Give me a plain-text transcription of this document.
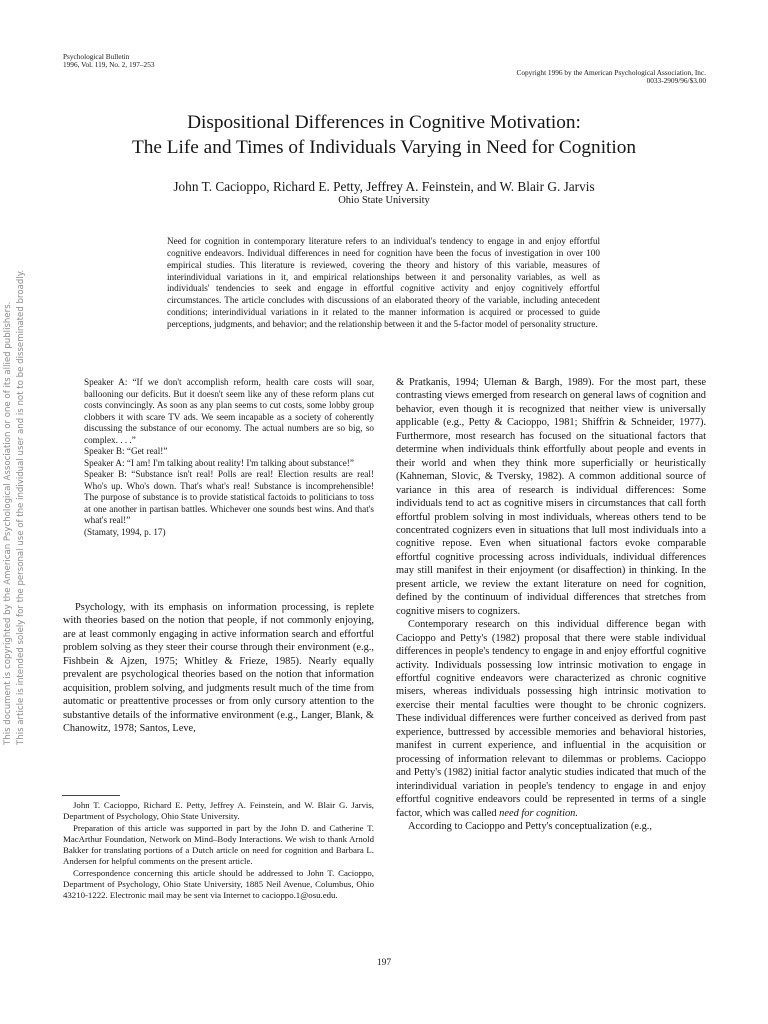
This document is copyrighted by the American Psychological Association or one of its allied publishers. This article is intended solely for the personal use of the individual user and is not to be disseminated broadly.
Psychological Bulletin
1996, Vol. 119, No. 2, 197–253
Copyright 1996 by the American Psychological Association, Inc.
0033-2909/96/$3.00
Dispositional Differences in Cognitive Motivation:
The Life and Times of Individuals Varying in Need for Cognition
John T. Cacioppo, Richard E. Petty, Jeffrey A. Feinstein, and W. Blair G. Jarvis
Ohio State University
Need for cognition in contemporary literature refers to an individual's tendency to engage in and enjoy effortful cognitive endeavors. Individual differences in need for cognition have been the focus of investigation in over 100 empirical studies. This literature is reviewed, covering the theory and history of this variable, measures of interindividual variations in it, and empirical relationships between it and personality variables, as well as individuals' tendencies to seek and engage in effortful cognitive activity and enjoy cognitively effortful circumstances. The article concludes with discussions of an elaborated theory of the variable, including antecedent conditions; interindividual variations in it related to the manner information is acquired or processed to guide perceptions, judgments, and behavior; and the relationship between it and the 5-factor model of personality structure.

Speaker A: “If we don't accomplish reform, health care costs will soar, ballooning our deficits. But it doesn't seem like any of these reform plans cut costs convincingly. As soon as any plan seems to cut costs, some lobby group clobbers it with scare TV ads. We seem incapable as a society of coherently discussing the substance of our economy. The actual numbers are so big, so complex. . . .”

Speaker B: “Get real!”

Speaker A: “I am! I'm talking about reality! I'm talking about substance!”

Speaker B: “Substance isn't real! Polls are real! Election results are real! Who's up. Who's down. That's what's real! Substance is incomprehensible! The purpose of substance is to provide statistical factoids to politicians to toss at one another in partisan battles. Whichever one sounds best wins. And that's what's real!”

(Stamaty, 1994, p. 17)

Psychology, with its emphasis on information processing, is replete with theories based on the notion that people, if not commonly enjoying, are at least commonly engaging in active information search and effortful problem solving as they steer their course through their environment (e.g., Fishbein & Ajzen, 1975; Whitley & Frieze, 1985). Nearly equally prevalent are psychological theories based on the notion that information acquisition, problem solving, and judgments result much of the time from automatic or preattentive processes or from only cursory attention to the substantive details of the informative environment (e.g., Langer, Blank, & Chanowitz, 1978; Santos, Leve,

John T. Cacioppo, Richard E. Petty, Jeffrey A. Feinstein, and W. Blair G. Jarvis, Department of Psychology, Ohio State University.

Preparation of this article was supported in part by the John D. and Catherine T. MacArthur Foundation, Network on Mind–Body Interactions. We wish to thank Arnold Bakker for translating portions of a Dutch article on need for cognition and Barbara L. Andersen for helpful comments on the present article.

Correspondence concerning this article should be addressed to John T. Cacioppo, Department of Psychology, Ohio State University, 1885 Neil Avenue, Columbus, Ohio 43210-1222. Electronic mail may be sent via Internet to cacioppo.1@osu.edu.

& Pratkanis, 1994; Uleman & Bargh, 1989). For the most part, these contrasting views emerged from research on general laws of cognition and behavior, even though it is recognized that neither view is universally applicable (e.g., Petty & Cacioppo, 1981; Shiffrin & Schneider, 1977). Furthermore, most research has focused on the situational factors that determine when individuals think effortfully about people and events in their world and when they think more superficially or heuristically (Kahneman, Slovic, & Tversky, 1982). A common additional source of variance in this area of research is individual differences: Some individuals tend to act as cognitive misers in circumstances that call forth effortful problem solving in most individuals, whereas others tend to be concentrated cognizers even in situations that lull most individuals into a cognitive repose. Even when situational factors evoke comparable effortful cognitive processing across individuals, individual differences may still manifest in their enjoyment (or disaffection) in thinking. In the present article, we review the extant literature on need for cognition, defined by the continuum of individual differences that stretches from cognitive misers to cognizers.

Contemporary research on this individual difference began with Cacioppo and Petty's (1982) proposal that there were stable individual differences in people's tendency to engage in and enjoy effortful cognitive activity. Individuals possessing low intrinsic motivation to engage in effortful cognitive endeavors were characterized as chronic cognitive misers, whereas individuals possessing high intrinsic motivation to exercise their mental faculties were thought to be chronic cognizers. These individual differences were further conceived as derived from past experience, buttressed by accessible memories and behavioral histories, manifest in current experience, and influential in the acquisition or processing of information relevant to dilemmas or problems. Cacioppo and Petty's (1982) initial factor analytic studies indicated that much of the interindividual variation in people's tendency to engage in and enjoy effortful cognitive endeavors could be represented in terms of a single factor, which was called need for cognition.

According to Cacioppo and Petty's conceptualization (e.g.,

197
